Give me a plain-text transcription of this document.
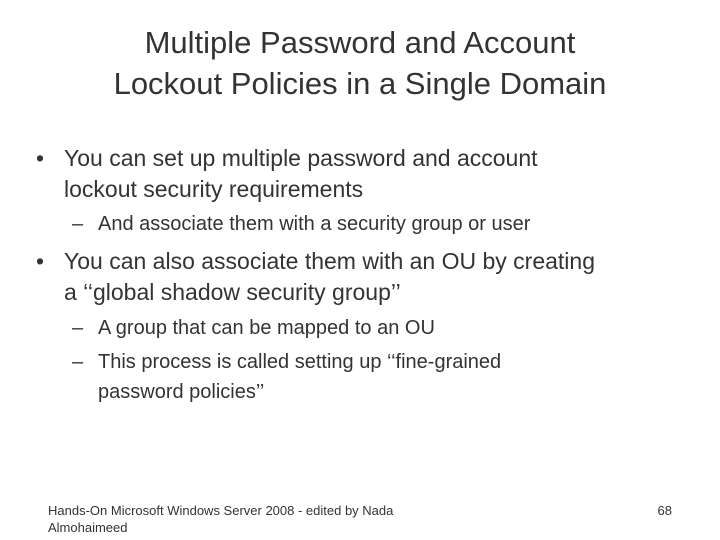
Multiple Password and Account
Lockout Policies in a Single Domain
• You can set up multiple password and account
lockout security requirements
– And associate them with a security group or user
• You can also associate them with an OU by creating
a ‘‘global shadow security group’’
– A group that can be mapped to an OU
– This process is called setting up ‘‘fine-grained
password policies’’
Hands-On Microsoft Windows Server 2008 - edited by Nada
Almohaimeed
68
